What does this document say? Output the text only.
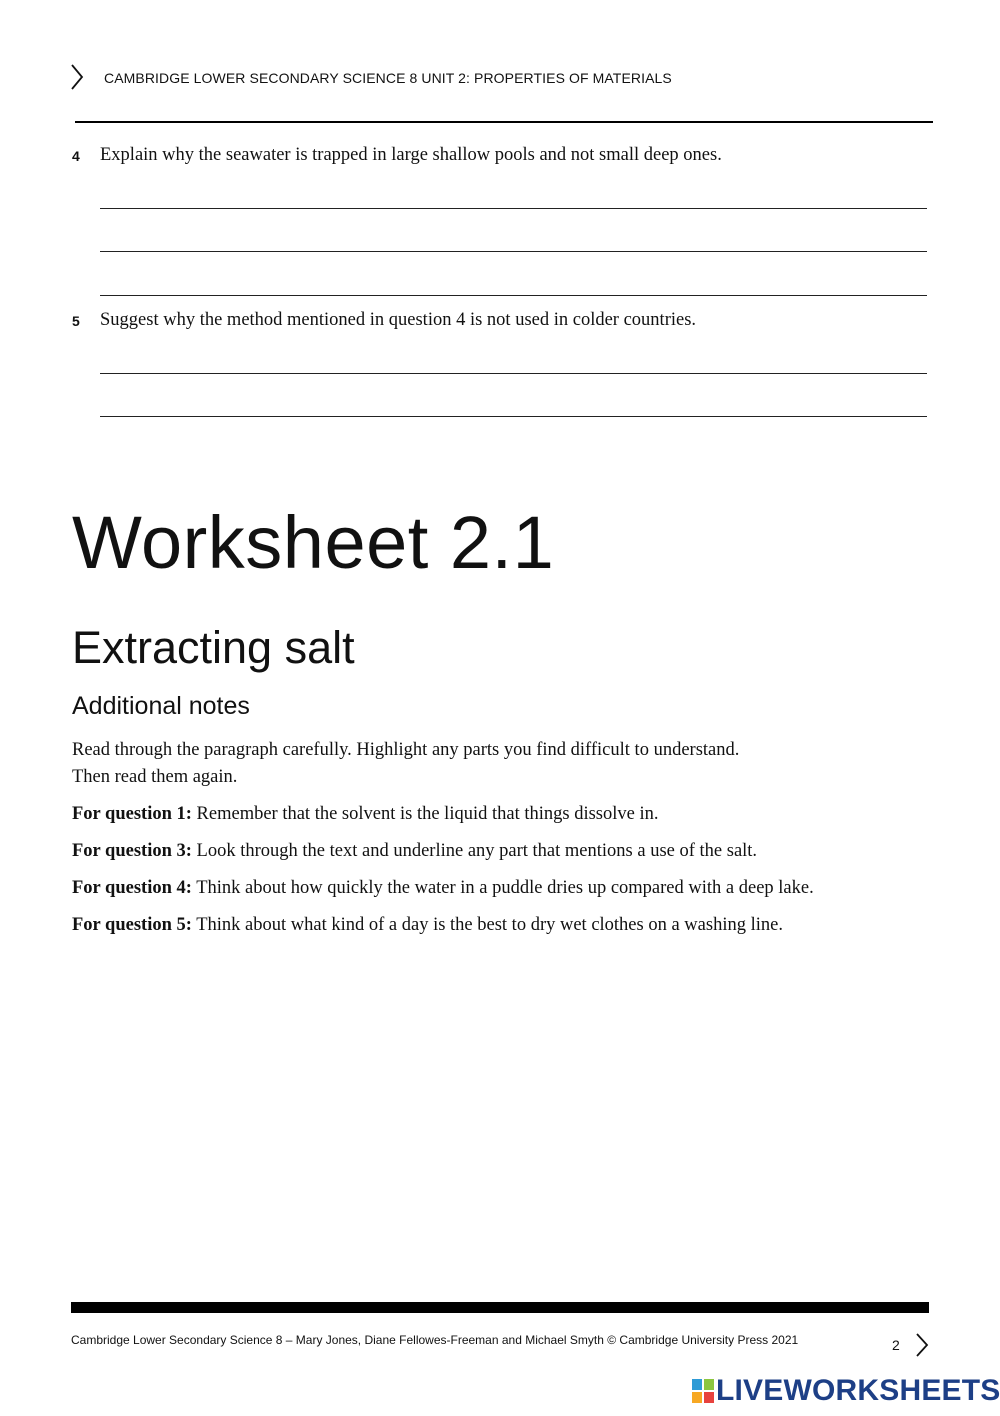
CAMBRIDGE LOWER SECONDARY SCIENCE 8 UNIT 2: PROPERTIES OF MATERIALS
4 Explain why the seawater is trapped in large shallow pools and not small deep ones.
5 Suggest why the method mentioned in question 4 is not used in colder countries.
Worksheet 2.1
Extracting salt
Additional notes
Read through the paragraph carefully. Highlight any parts you find difficult to understand.
Then read them again.
For question 1: Remember that the solvent is the liquid that things dissolve in.
For question 3: Look through the text and underline any part that mentions a use of the salt.
For question 4: Think about how quickly the water in a puddle dries up compared with a deep lake.
For question 5: Think about what kind of a day is the best to dry wet clothes on a washing line.
Cambridge Lower Secondary Science 8 – Mary Jones, Diane Fellowes-Freeman and Michael Smyth © Cambridge University Press 2021	2
LIVEWORKSHEETS
